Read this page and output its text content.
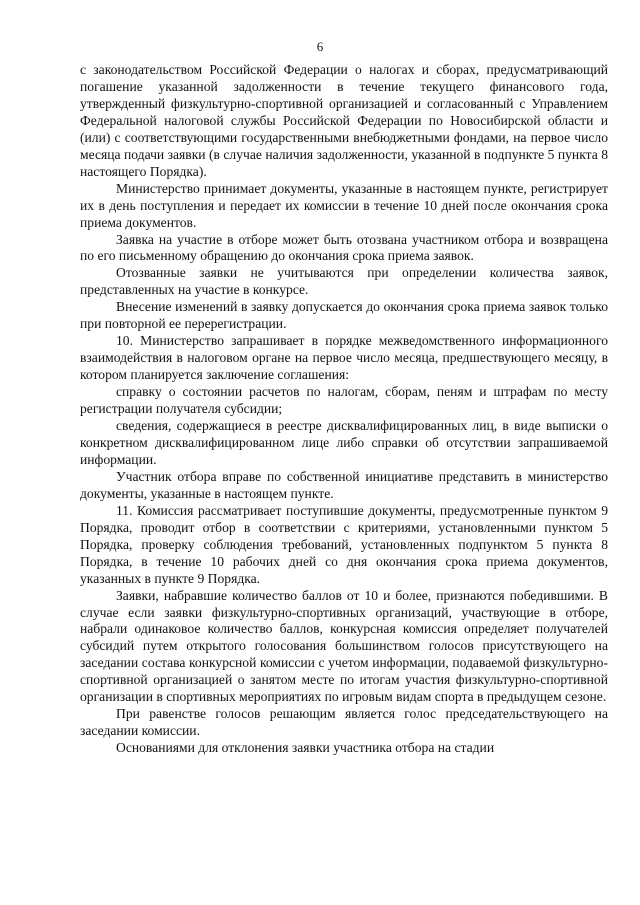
6

с законодательством Российской Федерации о налогах и сборах, предусматривающий погашение указанной задолженности в течение текущего финансового года, утвержденный физкультурно-спортивной организацией и согласованный с Управлением Федеральной налоговой службы Российской Федерации по Новосибирской области и (или) с соответствующими государственными внебюджетными фондами, на первое число месяца подачи заявки (в случае наличия задолженности, указанной в подпункте 5 пункта 8 настоящего Порядка).

Министерство принимает документы, указанные в настоящем пункте, регистрирует их в день поступления и передает их комиссии в течение 10 дней после окончания срока приема документов.

Заявка на участие в отборе может быть отозвана участником отбора и возвращена по его письменному обращению до окончания срока приема заявок.

Отозванные заявки не учитываются при определении количества заявок, представленных на участие в конкурсе.

Внесение изменений в заявку допускается до окончания срока приема заявок только при повторной ее перерегистрации.

10. Министерство запрашивает в порядке межведомственного информационного взаимодействия в налоговом органе на первое число месяца, предшествующего месяцу, в котором планируется заключение соглашения:

справку о состоянии расчетов по налогам, сборам, пеням и штрафам по месту регистрации получателя субсидии;

сведения, содержащиеся в реестре дисквалифицированных лиц, в виде выписки о конкретном дисквалифицированном лице либо справки об отсутствии запрашиваемой информации.

Участник отбора вправе по собственной инициативе представить в министерство документы, указанные в настоящем пункте.

11. Комиссия рассматривает поступившие документы, предусмотренные пунктом 9 Порядка, проводит отбор в соответствии с критериями, установленными пунктом 5 Порядка, проверку соблюдения требований, установленных подпунктом 5 пункта 8 Порядка, в течение 10 рабочих дней со дня окончания срока приема документов, указанных в пункте 9 Порядка.

Заявки, набравшие количество баллов от 10 и более, признаются победившими. В случае если заявки физкультурно-спортивных организаций, участвующие в отборе, набрали одинаковое количество баллов, конкурсная комиссия определяет получателей субсидий путем открытого голосования большинством голосов присутствующего на заседании состава конкурсной комиссии с учетом информации, подаваемой физкультурно-спортивной организацией о занятом месте по итогам участия физкультурно-спортивной организации в спортивных мероприятиях по игровым видам спорта в предыдущем сезоне.

При равенстве голосов решающим является голос председательствующего на заседании комиссии.

Основаниями для отклонения заявки участника отбора на стадии
